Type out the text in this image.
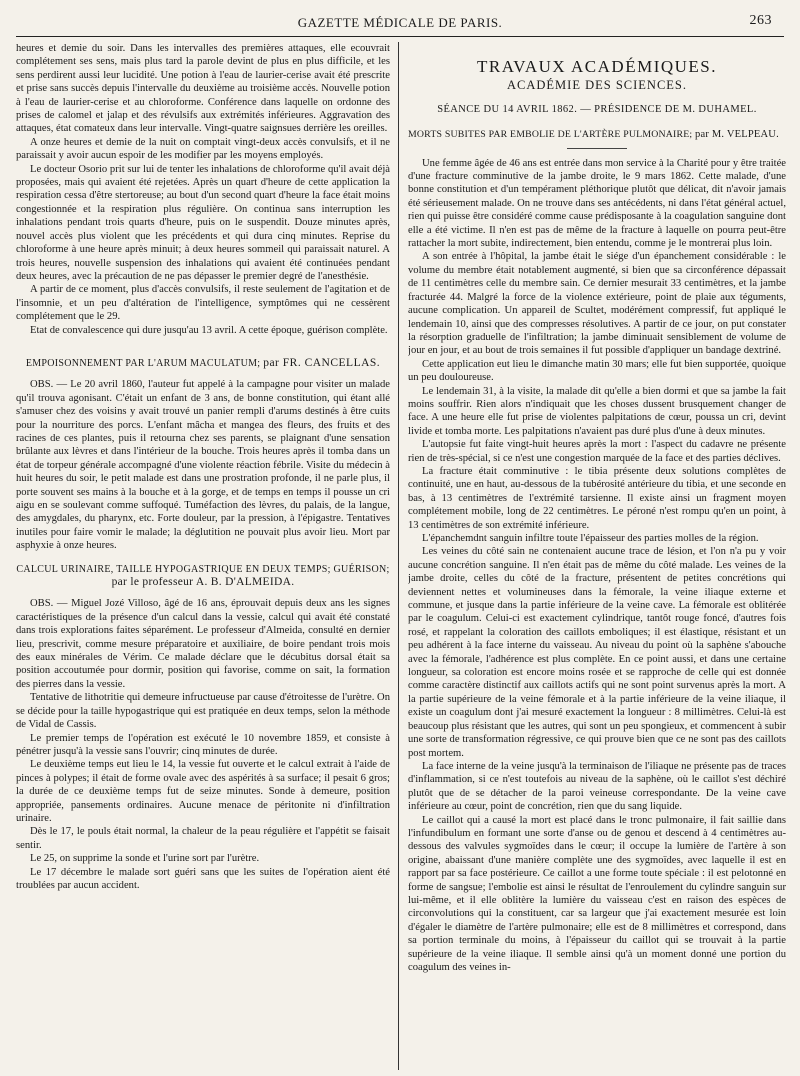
GAZETTE MÉDICALE DE PARIS.	263

heures et demie du soir. Dans les intervalles des premières attaques, elle ecouvrait complétement ses sens, mais plus tard la parole devint de plus en plus difficile, et les sens perdirent aussi leur lucidité. Une potion à l'eau de laurier-cerise avait été prescrite et prise sans succès depuis l'intervalle du deuxième au troisième accès. Nouvelle potion à l'eau de laurier-cerise et au chloroforme. Conférence dans laquelle on ordonne des prises de calomel et jalap et des révulsifs aux extrémités inférieures. Aggravation des attaques, état comateux dans leur intervalle. Vingt-quatre saignsues derrière les oreilles.

A onze heures et demie de la nuit on comptait vingt-deux accès convulsifs, et il ne paraissait y avoir aucun espoir de les modifier par les moyens employés.

Le docteur Osorio prit sur lui de tenter les inhalations de chloroforme qu'il avait déjà proposées, mais qui avaient été rejetées. Après un quart d'heure de cette application la respiration cessa d'être stertoreuse; au bout d'un second quart d'heure la face était moins congestionnée et la respiration plus régulière. On continua sans interruption les inhalations pendant trois quarts d'heure, puis on le suspendit. Douze minutes après, nouvel accès plus violent que les précédents et qui dura cinq minutes. Reprise du chloroforme à une heure après minuit; à deux heures sommeil qui paraissait naturel. A trois heures, nouvelle suspension des inhalations qui avaient été continuées pendant deux heures, avec la précaution de ne pas dépasser le premier degré de l'anesthésie.

A partir de ce moment, plus d'accès convulsifs, il reste seulement de l'agitation et de l'insomnie, et un peu d'altération de l'intelligence, symptômes qui ne cessèrent complétement que le 29.

Etat de convalescence qui dure jusqu'au 13 avril. A cette époque, guérison complète.

EMPOISONNEMENT PAR L'ARUM MACULATUM; par FR. CANCELLAS.

OBS. — Le 20 avril 1860, l'auteur fut appelé à la campagne pour visiter un malade qu'il trouva agonisant. C'était un enfant de 3 ans, de bonne constitution, qui étant allé s'amuser chez des voisins y avait trouvé un panier rempli d'arums destinés à être cuits pour la nourriture des porcs. L'enfant mâcha et mangea des fleurs, des fruits et des racines de ces plantes, puis il retourna chez ses parents, se plaignant d'une sensation brûlante aux lèvres et dans l'intérieur de la bouche. Trois heures après il tomba dans un état de torpeur générale accompagné d'une violente réaction fébrile. Visite du médecin à huit heures du soir, le petit malade est dans une prostration profonde, il ne parle plus, il porte souvent ses mains à la bouche et à la gorge, et de temps en temps il pousse un cri aigu en se soulevant comme suffoqué. Tuméfaction des lèvres, du palais, de la langue, des amygdales, du pharynx, etc. Forte douleur, par la pression, à l'épigastre. Tentatives inutiles pour faire vomir le malade; la déglutition ne pouvait plus avoir lieu. Mort par asphyxie à onze heures.

CALCUL URINAIRE, TAILLE HYPOGASTRIQUE EN DEUX TEMPS; GUÉRISON;
par le professeur A. B. D'ALMEIDA.

OBS. — Miguel Jozé Villoso, âgé de 16 ans, éprouvait depuis deux ans les signes caractéristiques de la présence d'un calcul dans la vessie, calcul qui avait été constaté dans trois explorations faites séparément. Le professeur d'Almeida, consulté en dernier lieu, prescrivit, comme mesure préparatoire et auxiliaire, de boire pendant trois mois des eaux minérales de Vérim. Ce malade déclare que le décubitus dorsal était sa position accoutumée pour dormir, position qui favorise, comme on sait, la formation des pierres dans la vessie.

Tentative de lithotritie qui demeure infructueuse par cause d'étroitesse de l'urètre. On se décide pour la taille hypogastrique qui est pratiquée en deux temps, selon la méthode de Vidal de Cassis.

Le premier temps de l'opération est exécuté le 10 novembre 1859, et consiste à pénétrer jusqu'à la vessie sans l'ouvrir; cinq minutes de durée.

Le deuxième temps eut lieu le 14, la vessie fut ouverte et le calcul extrait à l'aide de pinces à polypes; il était de forme ovale avec des aspérités à sa surface; il pesait 6 gros; la durée de ce deuxième temps fut de seize minutes. Sonde à demeure, position appropriée, pansements ordinaires. Aucune menace de péritonite ni d'infiltration urinaire.

Dès le 17, le pouls était normal, la chaleur de la peau régulière et l'appétit se faisait sentir.

Le 25, on supprime la sonde et l'urine sort par l'urètre.

Le 17 décembre le malade sort guéri sans que les suites de l'opération aient été troublées par aucun accident.

TRAVAUX ACADÉMIQUES.
ACADÉMIE DES SCIENCES.
SÉANCE DU 14 AVRIL 1862. — PRÉSIDENCE DE M. DUHAMEL.
MORTS SUBITES PAR EMBOLIE DE L'ARTÈRE PULMONAIRE; par M. VELPEAU.

Une femme âgée de 46 ans est entrée dans mon service à la Charité pour y être traitée d'une fracture comminutive de la jambe droite, le 9 mars 1862. Cette malade, d'une bonne constitution et d'un tempérament pléthorique plutôt que délicat, dit n'avoir jamais été sérieusement malade. On ne trouve dans ses antécédents, ni dans l'état général actuel, rien qui puisse être considéré comme cause prédisposante à la coagulation sanguine dont elle a été victime. Il n'en est pas de même de la fracture à laquelle on pourra peut-être rattacher la mort subite, indirectement, bien entendu, comme je le montrerai plus loin.

A son entrée à l'hôpital, la jambe était le siége d'un épanchement considérable : le volume du membre était notablement augmenté, si bien que sa circonférence dépassait de 11 centimètres celle du membre sain. Ce dernier mesurait 33 centimètres, et la jambe fracturée 44. Malgré la force de la violence extérieure, point de plaie aux téguments, aucune complication. Un appareil de Scultet, modérément compressif, fut appliqué le lendemain 10, ainsi que des compresses résolutives. A partir de ce jour, on put constater la résorption graduelle de l'infiltration; la jambe diminuait sensiblement de volume de jour en jour, et au bout de trois semaines il fut possible d'appliquer un bandage dextriné.

Cette application eut lieu le dimanche matin 30 mars; elle fut bien supportée, quoique un peu douloureuse.

Le lendemain 31, à la visite, la malade dit qu'elle a bien dormi et que sa jambe la fait moins souffrir. Rien alors n'indiquait que les choses dussent brusquement changer de face. A une heure elle fut prise de violentes palpitations de cœur, poussa un cri, devint livide et tomba morte. Les palpitations n'avaient pas duré plus d'une à deux minutes.

L'autopsie fut faite vingt-huit heures après la mort : l'aspect du cadavre ne présente rien de très-spécial, si ce n'est une congestion marquée de la face et des parties déclives.

La fracture était comminutive : le tibia présente deux solutions complètes de continuité, une en haut, au-dessous de la tubérosité antérieure du tibia, et une seconde en bas, à 13 centimètres de l'extrémité tarsienne. Il existe ainsi un fragment moyen complétement mobile, long de 22 centimètres. Le péroné n'est rompu qu'en un point, à 13 centimètres de son extrémité inférieure.

L'épanchemdnt sanguin infiltre toute l'épaisseur des parties molles de la région.

Les veines du côté sain ne contenaient aucune trace de lésion, et l'on n'a pu y voir aucune concrétion sanguine. Il n'en était pas de même du côté malade. Les veines de la jambe droite, celles du côté de la fracture, présentent de petites concrétions qui deviennent nettes et volumineuses dans la fémorale, la veine iliaque externe et commune, et jusque dans la partie inférieure de la veine cave. La fémorale est oblitérée par le coagulum. Celui-ci est exactement cylindrique, tantôt rouge foncé, d'autres fois rosé, et rappelant la coloration des caillots emboliques; il est élastique, résistant et un peu adhérent à la face interne du vaisseau. Au niveau du point où la saphène s'abouche avec la fémorale, l'adhérence est plus complète. En ce point aussi, et dans une certaine longueur, sa coloration est encore moins rosée et se rapproche de celle qui est donnée comme caractère distinctif aux caillots actifs qui ne sont point survenus après la mort. A la partie supérieure de la veine fémorale et à la partie inférieure de la veine iliaque, il existe un coagulum dont j'ai mesuré exactement la longueur : 8 millimètres. Celui-là est beaucoup plus résistant que les autres, qui sont un peu spongieux, et commencent à subir une sorte de transformation régressive, ce qui prouve bien que ce ne sont pas des caillots post mortem.

La face interne de la veine jusqu'à la terminaison de l'iliaque ne présente pas de traces d'inflammation, si ce n'est toutefois au niveau de la saphène, où le caillot s'est déchiré plutôt que de se détacher de la paroi veineuse correspondante. De la veine cave inférieure au cœur, point de concrétion, rien que du sang liquide.

Le caillot qui a causé la mort est placé dans le tronc pulmonaire, il fait saillie dans l'infundibulum en formant une sorte d'anse ou de genou et descend à 4 centimètres au-dessous des valvules sygmoïdes dans le cœur; il occupe la lumière de l'artère à son origine, abaissant d'une manière complète une des sygmoïdes, avec laquelle il est en rapport par sa face postérieure. Ce caillot a une forme toute spéciale : il est pelotonné en forme de sangsue; l'embolie est ainsi le résultat de l'enroulement du cylindre sanguin sur lui-même, et il elle oblitère la lumière du vaisseau c'est en raison des espèces de circonvolutions qui la constituent, car sa largeur que j'ai exactement mesurée est loin d'égaler le diamètre de l'artère pulmonaire; elle est de 8 millimètres et correspond, dans sa portion terminale du moins, à l'épaisseur du caillot qui se trouvait à la partie supérieure de la veine iliaque. Il semble ainsi qu'à un moment donné une portion du coagulum des veines in-
